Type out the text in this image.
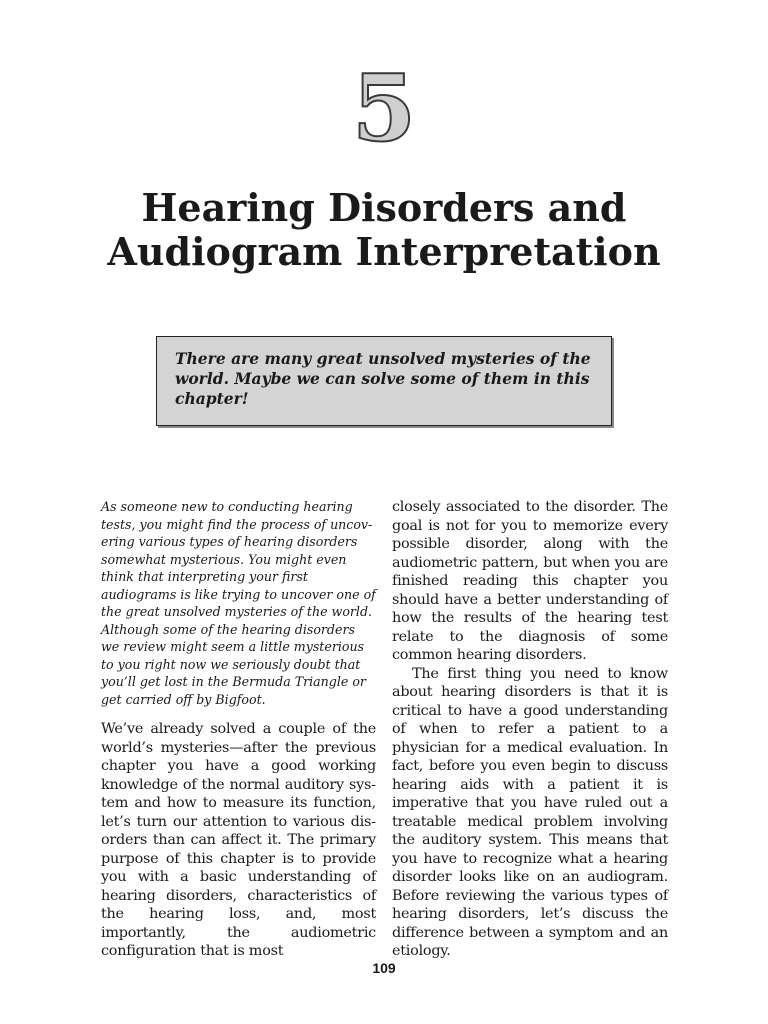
5
Hearing Disorders and
Audiogram Interpretation
There are many great unsolved mysteries of the world. Maybe we can solve some of them in this chapter!

As someone new to conducting hearing tests, you might find the process of uncovering various types of hearing disorders somewhat mysterious. You might even think that interpreting your first audiograms is like trying to uncover one of the great unsolved mysteries of the world. Although some of the hearing disorders we review might seem a little mysterious to you right now we seriously doubt that you’ll get lost in the Bermuda Triangle or get carried off by Bigfoot.

We’ve already solved a couple of the world’s mysteries—after the previous chapter you have a good working knowledge of the normal auditory system and how to measure its function, let’s turn our attention to various disorders than can affect it. The primary purpose of this chapter is to provide you with a basic understanding of hearing disorders, characteristics of the hearing loss, and, most importantly, the audiometric configuration that is most

closely associated to the disorder. The goal is not for you to memorize every possible disorder, along with the audiometric pattern, but when you are finished reading this chapter you should have a better understanding of how the results of the hearing test relate to the diagnosis of some common hearing disorders.

The first thing you need to know about hearing disorders is that it is critical to have a good understanding of when to refer a patient to a physician for a medical evaluation. In fact, before you even begin to discuss hearing aids with a patient it is imperative that you have ruled out a treatable medical problem involving the auditory system. This means that you have to recognize what a hearing disorder looks like on an audiogram. Before reviewing the various types of hearing disorders, let’s discuss the difference between a symptom and an etiology.

109
